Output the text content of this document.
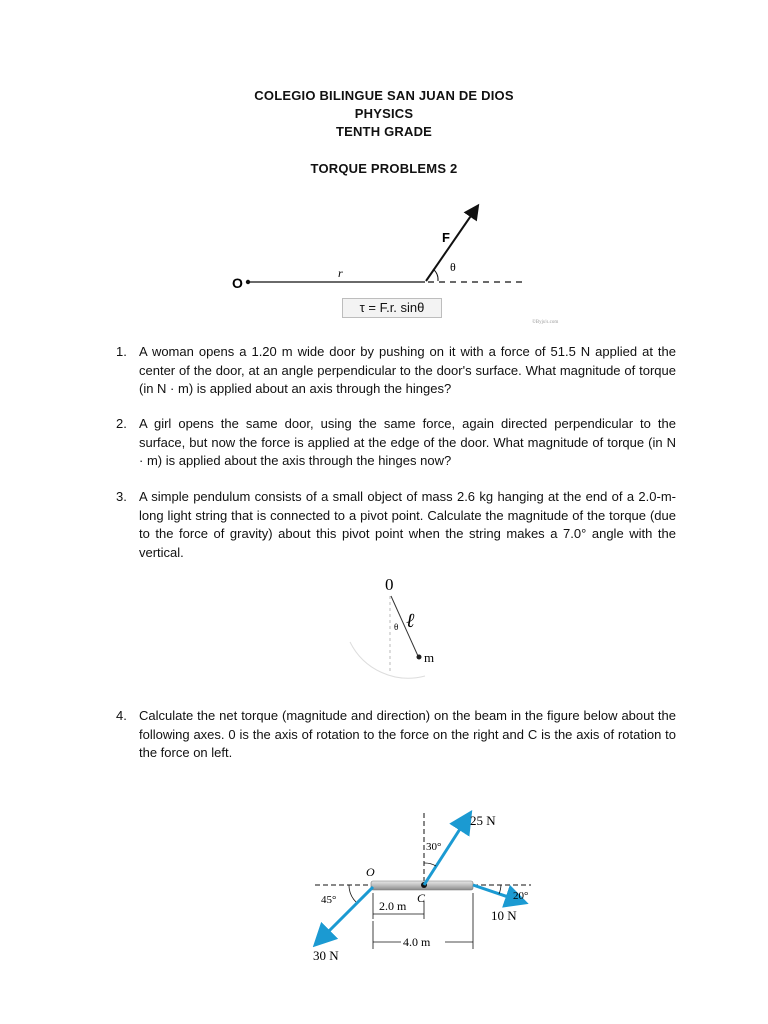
COLEGIO BILINGUE SAN JUAN DE DIOS
PHYSICS
TENTH GRADE
TORQUE PROBLEMS 2
O
r
F
θ
©Byju's.com
τ = F.r. sinθ
1. A woman opens a 1.20 m wide door by pushing on it with a force of 51.5 N applied at the center of the door, at an angle perpendicular to the door's surface. What magnitude of torque (in N · m) is applied about an axis through the hinges?
2. A girl opens the same door, using the same force, again directed perpendicular to the surface, but now the force is applied at the edge of the door. What magnitude of torque (in N · m) is applied about the axis through the hinges now?
3. A simple pendulum consists of a small object of mass 2.6 kg hanging at the end of a 2.0-m-long light string that is connected to a pivot point. Calculate the magnitude of the torque (due to the force of gravity) about this pivot point when the string makes a 7.0° angle with the vertical.
0
ℓ
θ
m
4. Calculate the net torque (magnitude and direction) on the beam in the figure below about the following axes. 0 is the axis of rotation to the force on the right and C is the axis of rotation to the force on left.
25 N
30°
O
C
45°	20°
10 N
30 N
2.0 m
4.0 m
